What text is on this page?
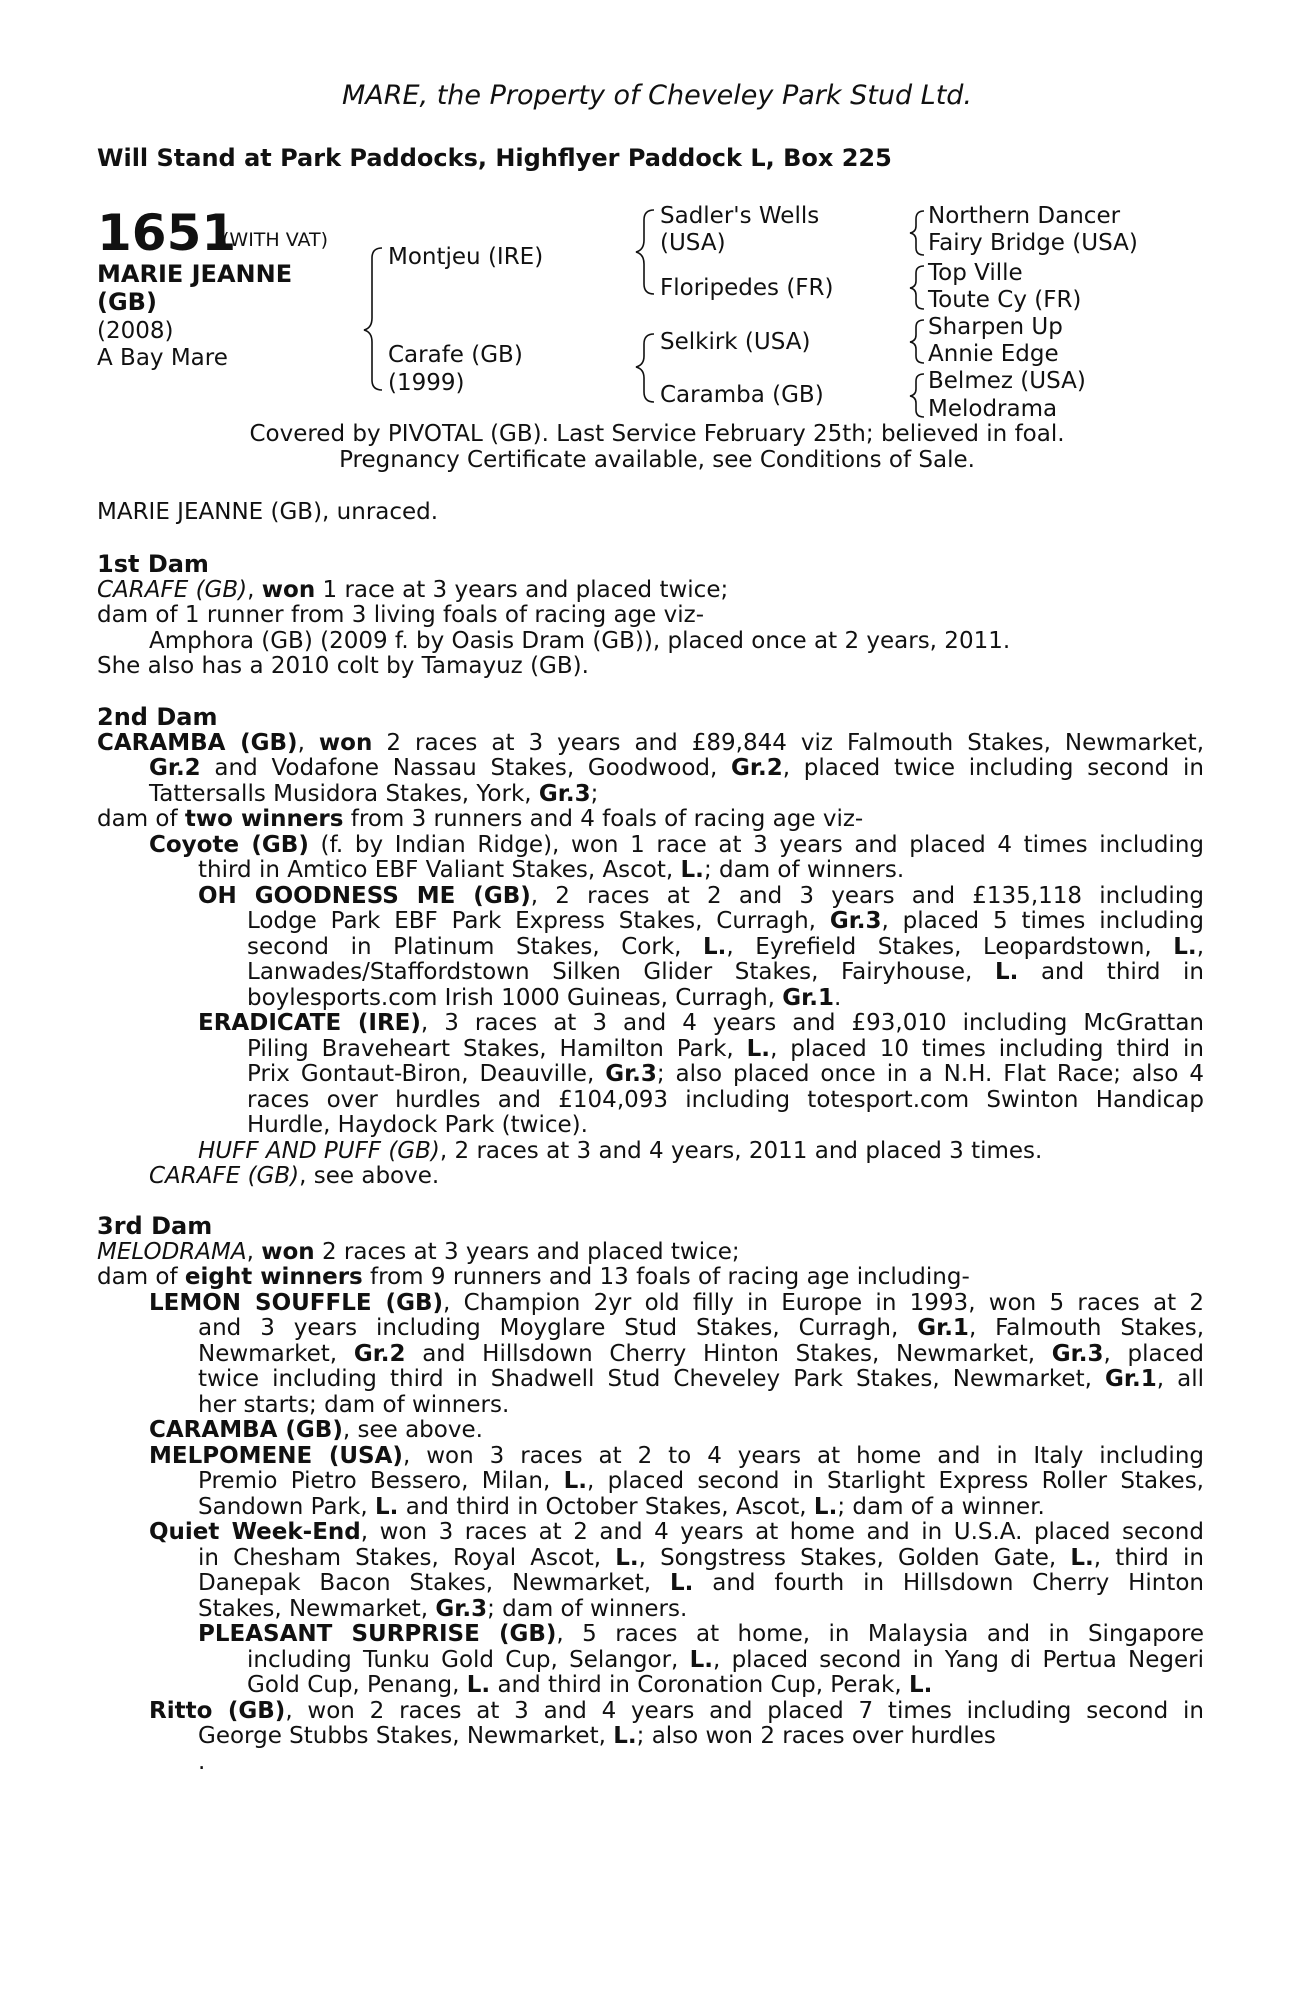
MARE, the Property of Cheveley Park Stud Ltd.
Will Stand at Park Paddocks, Highflyer Paddock L, Box 225
1651
(WITH VAT)
MARIE JEANNE
(GB)
(2008)
A Bay Mare
Montjeu (IRE)
Carafe (GB)
(1999)
Sadler's Wells
(USA)
Floripedes (FR)
Selkirk (USA)
Caramba (GB)
Northern Dancer
Fairy Bridge (USA)
Top Ville
Toute Cy (FR)
Sharpen Up
Annie Edge
Belmez (USA)
Melodrama
Covered by PIVOTAL (GB). Last Service February 25th; believed in foal.
Pregnancy Certificate available, see Conditions of Sale.
MARIE JEANNE (GB), unraced.

1st Dam

CARAFE (GB), won 1 race at 3 years and placed twice;

dam of 1 runner from 3 living foals of racing age viz-

Amphora (GB) (2009 f. by Oasis Dram (GB)), placed once at 2 years, 2011.

She also has a 2010 colt by Tamayuz (GB).

2nd Dam

CARAMBA (GB), won 2 races at 3 years and £89,844 viz Falmouth Stakes, Newmarket,

Gr.2 and Vodafone Nassau Stakes, Goodwood, Gr.2, placed twice including second in

Tattersalls Musidora Stakes, York, Gr.3;

dam of two winners from 3 runners and 4 foals of racing age viz-

Coyote (GB) (f. by Indian Ridge), won 1 race at 3 years and placed 4 times including

third in Amtico EBF Valiant Stakes, Ascot, L.; dam of winners.

OH GOODNESS ME (GB), 2 races at 2 and 3 years and £135,118 including

Lodge Park EBF Park Express Stakes, Curragh, Gr.3, placed 5 times including

second in Platinum Stakes, Cork, L., Eyrefield Stakes, Leopardstown, L.,

Lanwades/Staffordstown Silken Glider Stakes, Fairyhouse, L. and third in

boylesports.com Irish 1000 Guineas, Curragh, Gr.1.

ERADICATE (IRE), 3 races at 3 and 4 years and £93,010 including McGrattan

Piling Braveheart Stakes, Hamilton Park, L., placed 10 times including third in

Prix Gontaut-Biron, Deauville, Gr.3; also placed once in a N.H. Flat Race; also 4

races over hurdles and £104,093 including totesport.com Swinton Handicap

Hurdle, Haydock Park (twice).

HUFF AND PUFF (GB), 2 races at 3 and 4 years, 2011 and placed 3 times.

CARAFE (GB), see above.

3rd Dam

MELODRAMA, won 2 races at 3 years and placed twice;

dam of eight winners from 9 runners and 13 foals of racing age including-

LEMON SOUFFLE (GB), Champion 2yr old filly in Europe in 1993, won 5 races at 2

and 3 years including Moyglare Stud Stakes, Curragh, Gr.1, Falmouth Stakes,

Newmarket, Gr.2 and Hillsdown Cherry Hinton Stakes, Newmarket, Gr.3, placed

twice including third in Shadwell Stud Cheveley Park Stakes, Newmarket, Gr.1, all

her starts; dam of winners.

CARAMBA (GB), see above.

MELPOMENE (USA), won 3 races at 2 to 4 years at home and in Italy including

Premio Pietro Bessero, Milan, L., placed second in Starlight Express Roller Stakes,

Sandown Park, L. and third in October Stakes, Ascot, L.; dam of a winner.

Quiet Week-End, won 3 races at 2 and 4 years at home and in U.S.A. placed second

in Chesham Stakes, Royal Ascot, L., Songstress Stakes, Golden Gate, L., third in

Danepak Bacon Stakes, Newmarket, L. and fourth in Hillsdown Cherry Hinton

Stakes, Newmarket, Gr.3; dam of winners.

PLEASANT SURPRISE (GB), 5 races at home, in Malaysia and in Singapore

including Tunku Gold Cup, Selangor, L., placed second in Yang di Pertua Negeri

Gold Cup, Penang, L. and third in Coronation Cup, Perak, L.

Ritto (GB), won 2 races at 3 and 4 years and placed 7 times including second in

George Stubbs Stakes, Newmarket, L.; also won 2 races over hurdles

.
